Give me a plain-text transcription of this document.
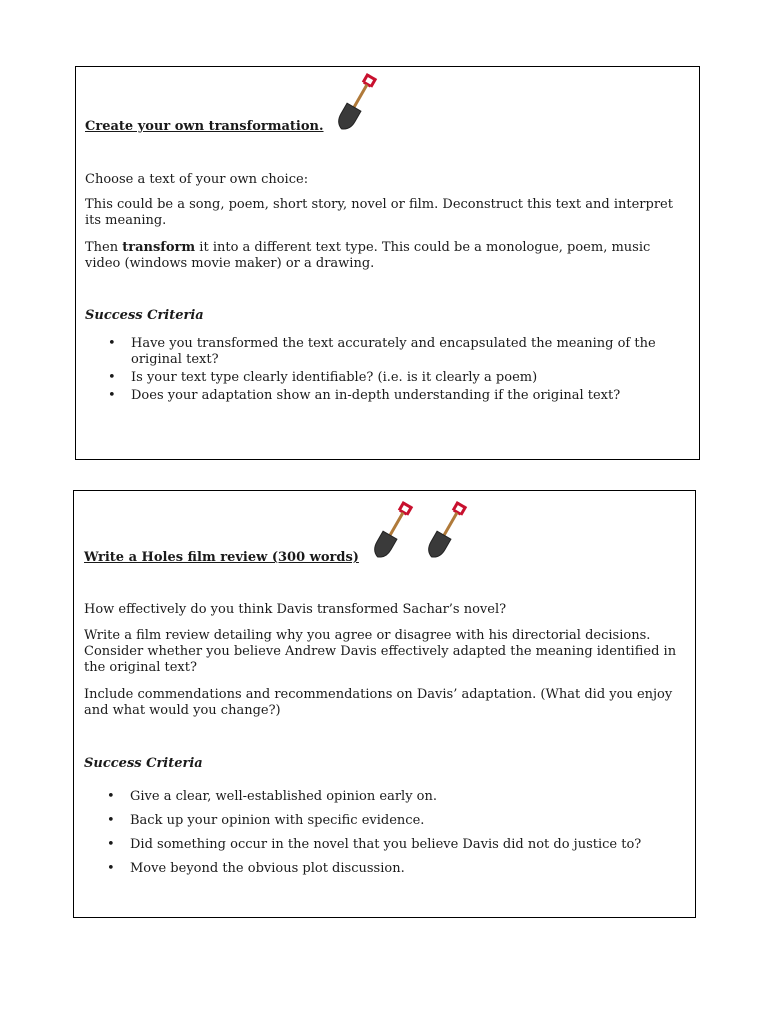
Create your own transformation.

Choose a text of your own choice:

This could be a song, poem, short story, novel or film. Deconstruct this text and interpret its meaning.

Then transform it into a different text type. This could be a monologue, poem, music video (windows movie maker) or a drawing.

Success Criteria

• Have you transformed the text accurately and encapsulated the meaning of the original text?
• Is your text type clearly identifiable? (i.e. is it clearly a poem)
• Does your adaptation show an in-depth understanding if the original text?
Write a Holes film review (300 words)

How effectively do you think Davis transformed Sachar’s novel?

Write a film review detailing why you agree or disagree with his directorial decisions. Consider whether you believe Andrew Davis effectively adapted the meaning identified in the original text?

Include commendations and recommendations on Davis’ adaptation. (What did you enjoy and what would you change?)

Success Criteria

• Give a clear, well-established opinion early on.
• Back up your opinion with specific evidence.
• Did something occur in the novel that you believe Davis did not do justice to?
• Move beyond the obvious plot discussion.
